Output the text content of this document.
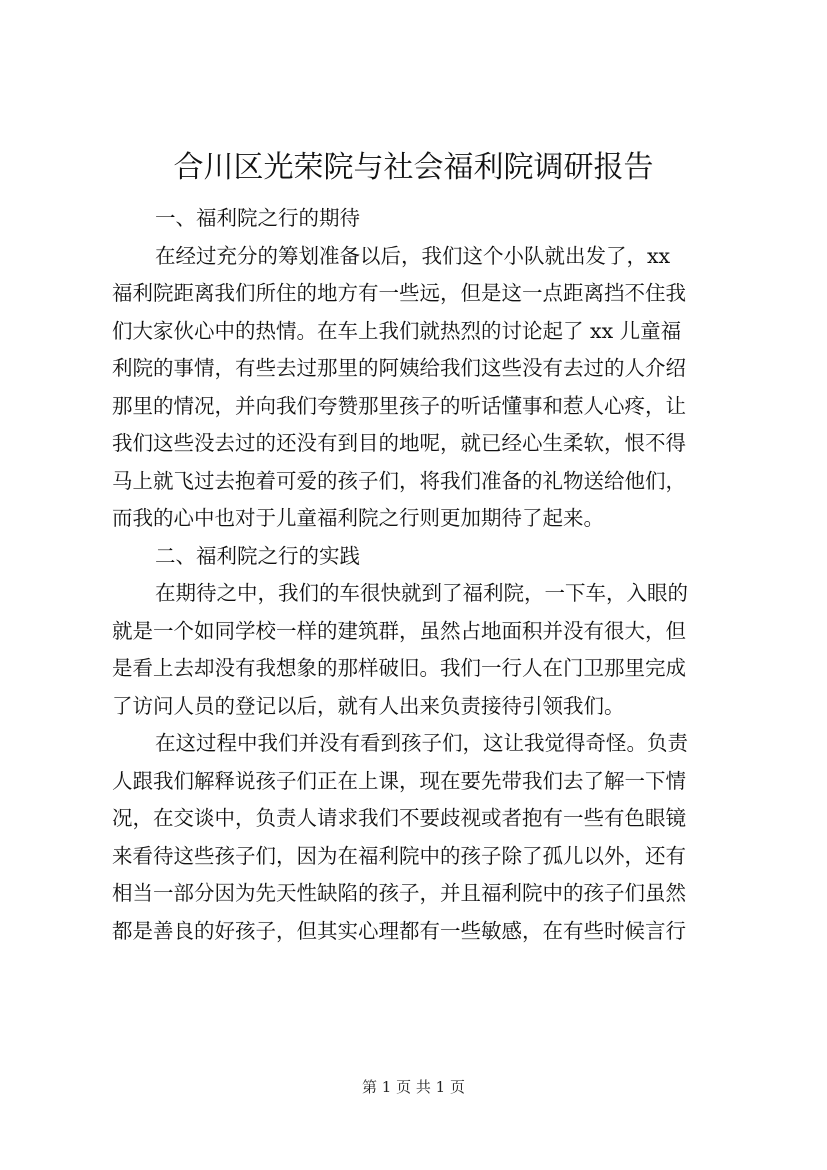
合川区光荣院与社会福利院调研报告
一、福利院之行的期待
在经过充分的筹划准备以后，我们这个小队就出发了，xx
福利院距离我们所住的地方有一些远，但是这一点距离挡不住我
们大家伙心中的热情。在车上我们就热烈的讨论起了 xx 儿童福
利院的事情，有些去过那里的阿姨给我们这些没有去过的人介绍
那里的情况，并向我们夸赞那里孩子的听话懂事和惹人心疼，让
我们这些没去过的还没有到目的地呢，就已经心生柔软，恨不得
马上就飞过去抱着可爱的孩子们，将我们准备的礼物送给他们，
而我的心中也对于儿童福利院之行则更加期待了起来。
二、福利院之行的实践
在期待之中，我们的车很快就到了福利院，一下车，入眼的
就是一个如同学校一样的建筑群，虽然占地面积并没有很大，但
是看上去却没有我想象的那样破旧。我们一行人在门卫那里完成
了访问人员的登记以后，就有人出来负责接待引领我们。
在这过程中我们并没有看到孩子们，这让我觉得奇怪。负责
人跟我们解释说孩子们正在上课，现在要先带我们去了解一下情
况，在交谈中，负责人请求我们不要歧视或者抱有一些有色眼镜
来看待这些孩子们，因为在福利院中的孩子除了孤儿以外，还有
相当一部分因为先天性缺陷的孩子，并且福利院中的孩子们虽然
都是善良的好孩子，但其实心理都有一些敏感，在有些时候言行
第 1 页 共 1 页
